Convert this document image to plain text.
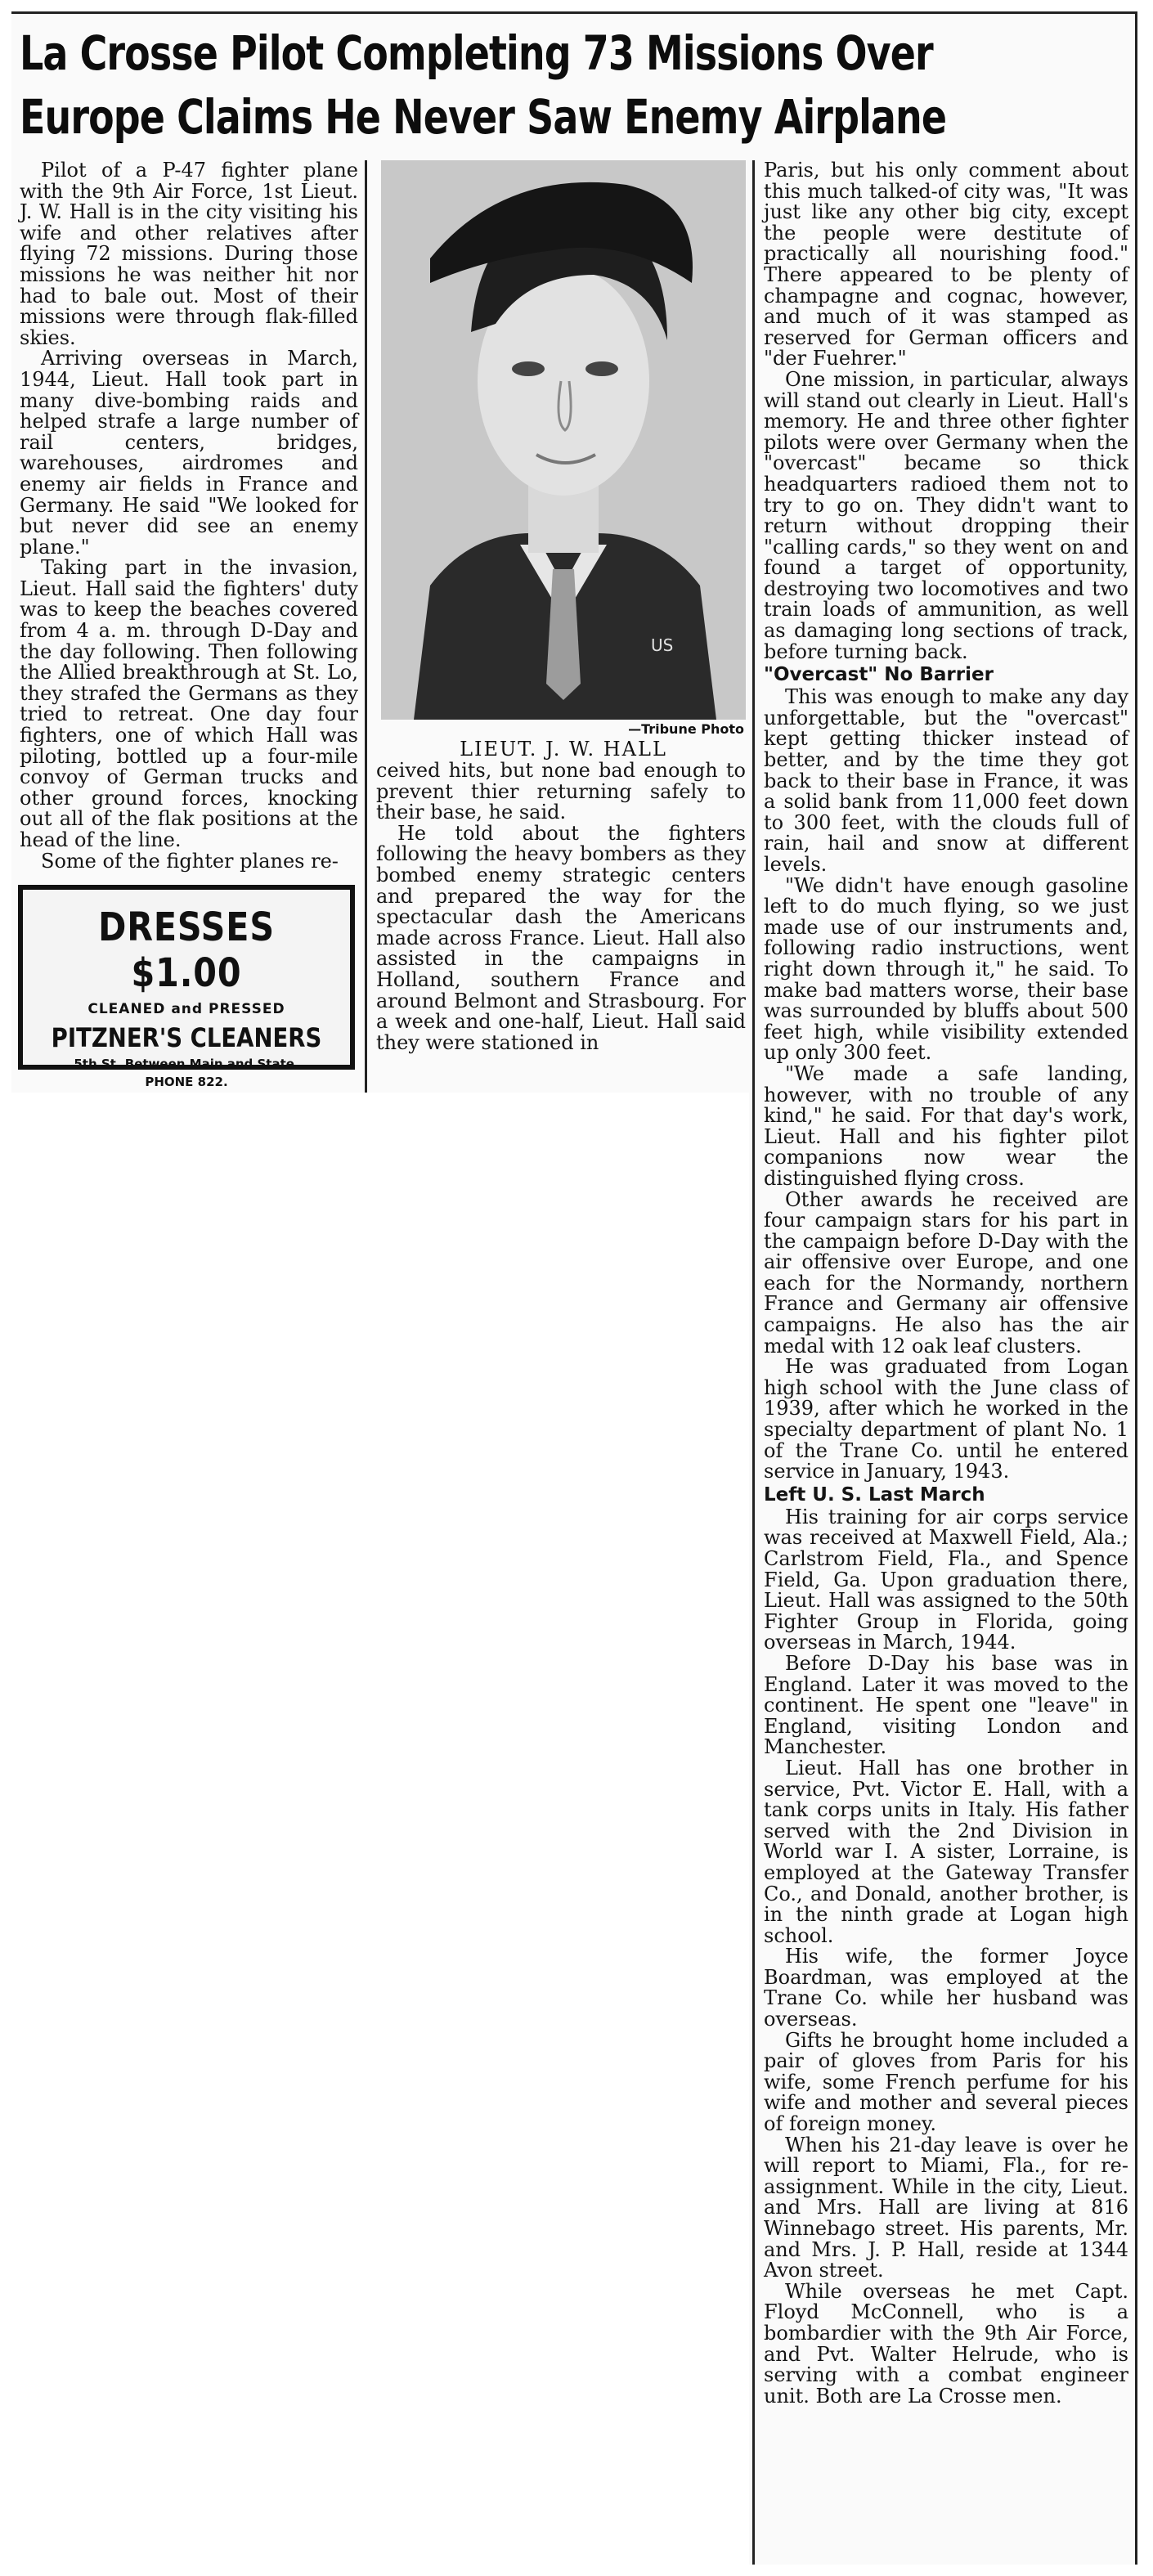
La Crosse Pilot Completing 73 Missions Over
Europe Claims He Never Saw Enemy Airplane

Pilot of a P-47 fighter plane with the 9th Air Force, 1st Lieut. J. W. Hall is in the city visiting his wife and other relatives after flying 72 missions. During those missions he was neither hit nor had to bale out. Most of their missions were through flak-filled skies.

Arriving overseas in March, 1944, Lieut. Hall took part in many dive-bombing raids and helped strafe a large number of rail centers, bridges, warehouses, airdromes and enemy air fields in France and Germany. He said "We looked for but never did see an enemy plane."

Taking part in the invasion, Lieut. Hall said the fighters' duty was to keep the beaches covered from 4 a. m. through D-Day and the day following. Then following the Allied breakthrough at St. Lo, they strafed the Germans as they tried to retreat. One day four fighters, one of which Hall was piloting, bottled up a four-mile convoy of German trucks and other ground forces, knocking out all of the flak positions at the head of the line.

Some of the fighter planes re-

DRESSES $1.00
CLEANED and PRESSED
PITZNER'S CLEANERS
5th St. Between Main and State.
PHONE 822.
US
—Tribune Photo
LIEUT. J. W. HALL

ceived hits, but none bad enough to prevent thier returning safely to their base, he said.

He told about the fighters following the heavy bombers as they bombed enemy strategic centers and prepared the way for the spectacular dash the Americans made across France. Lieut. Hall also assisted in the campaigns in Holland, southern France and around Belmont and Strasbourg. For a week and one-half, Lieut. Hall said they were stationed in

Paris, but his only comment about this much talked-of city was, "It was just like any other big city, except the people were destitute of practically all nourishing food." There appeared to be plenty of champagne and cognac, however, and much of it was stamped as reserved for German officers and "der Fuehrer."

One mission, in particular, always will stand out clearly in Lieut. Hall's memory. He and three other fighter pilots were over Germany when the "overcast" became so thick headquarters radioed them not to try to go on. They didn't want to return without dropping their "calling cards," so they went on and found a target of opportunity, destroying two locomotives and two train loads of ammunition, as well as damaging long sections of track, before turning back.

"Overcast" No Barrier

This was enough to make any day unforgettable, but the "overcast" kept getting thicker instead of better, and by the time they got back to their base in France, it was a solid bank from 11,000 feet down to 300 feet, with the clouds full of rain, hail and snow at different levels.

"We didn't have enough gasoline left to do much flying, so we just made use of our instruments and, following radio instructions, went right down through it," he said. To make bad matters worse, their base was surrounded by bluffs about 500 feet high, while visibility extended up only 300 feet.

"We made a safe landing, however, with no trouble of any kind," he said. For that day's work, Lieut. Hall and his fighter pilot companions now wear the distinguished flying cross.

Other awards he received are four campaign stars for his part in the campaign before D-Day with the air offensive over Europe, and one each for the Normandy, northern France and Germany air offensive campaigns. He also has the air medal with 12 oak leaf clusters.

He was graduated from Logan high school with the June class of 1939, after which he worked in the specialty department of plant No. 1 of the Trane Co. until he entered service in January, 1943.

Left U. S. Last March

His training for air corps service was received at Maxwell Field, Ala.; Carlstrom Field, Fla., and Spence Field, Ga. Upon graduation there, Lieut. Hall was assigned to the 50th Fighter Group in Florida, going overseas in March, 1944.

Before D-Day his base was in England. Later it was moved to the continent. He spent one "leave" in England, visiting London and Manchester.

Lieut. Hall has one brother in service, Pvt. Victor E. Hall, with a tank corps units in Italy. His father served with the 2nd Division in World war I. A sister, Lorraine, is employed at the Gateway Transfer Co., and Donald, another brother, is in the ninth grade at Logan high school.

His wife, the former Joyce Boardman, was employed at the Trane Co. while her husband was overseas.

Gifts he brought home included a pair of gloves from Paris for his wife, some French perfume for his wife and mother and several pieces of foreign money.

When his 21-day leave is over he will report to Miami, Fla., for re-assignment. While in the city, Lieut. and Mrs. Hall are living at 816 Winnebago street. His parents, Mr. and Mrs. J. P. Hall, reside at 1344 Avon street.

While overseas he met Capt. Floyd McConnell, who is a bombardier with the 9th Air Force, and Pvt. Walter Helrude, who is serving with a combat engineer unit. Both are La Crosse men.
